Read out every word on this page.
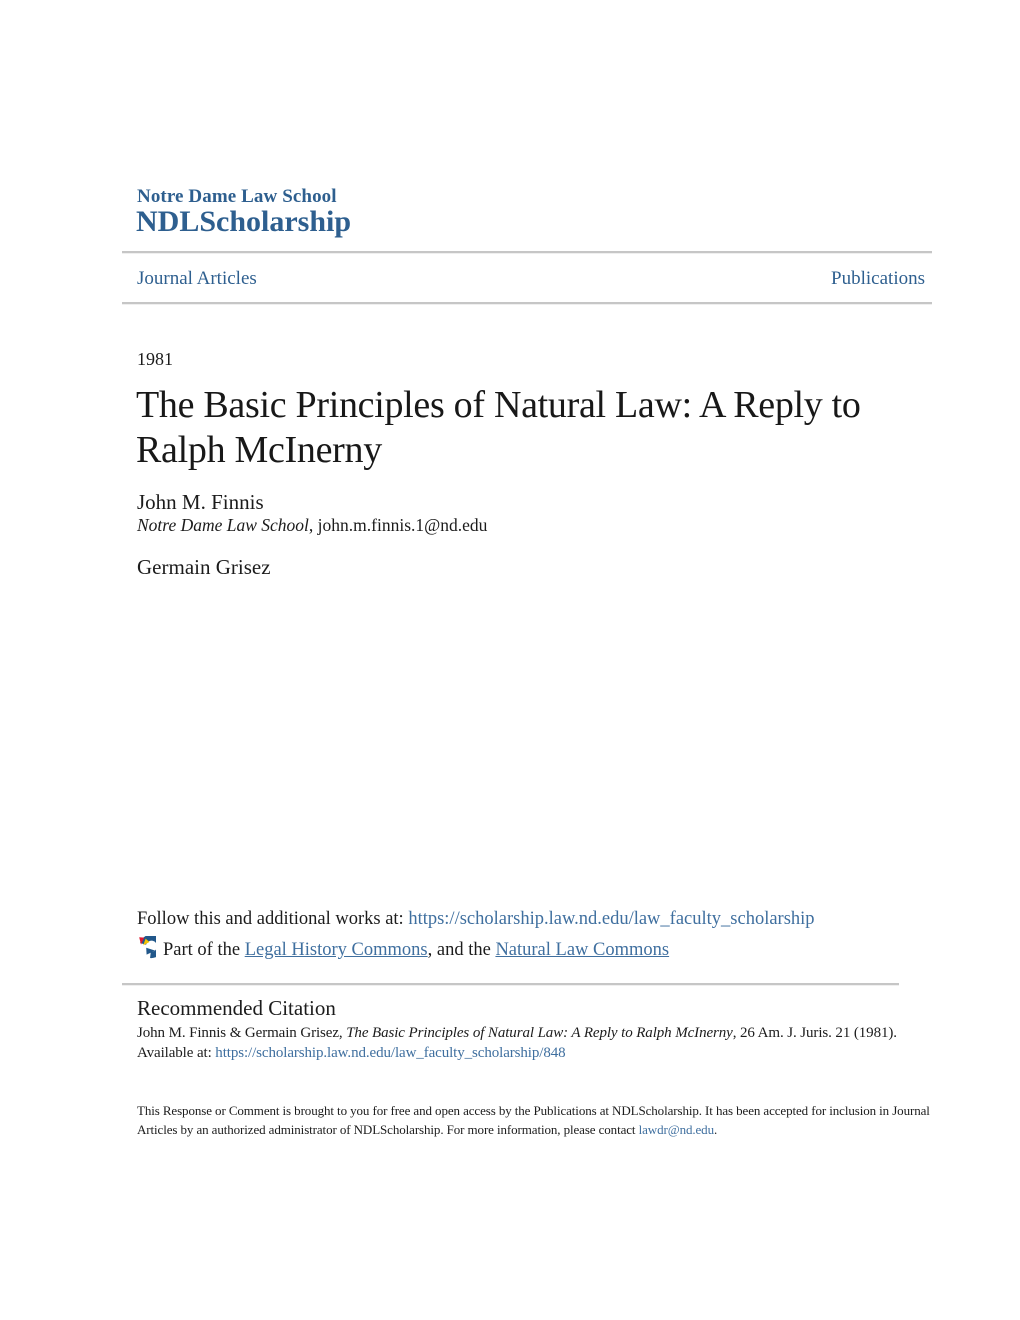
Notre Dame Law School
NDLScholarship
Journal Articles	Publications
1981
The Basic Principles of Natural Law: A Reply to
Ralph McInerny
John M. Finnis
Notre Dame Law School, john.m.finnis.1@nd.edu
Germain Grisez
Follow this and additional works at: https://scholarship.law.nd.edu/law_faculty_scholarship
Part of the Legal History Commons, and the Natural Law Commons
Recommended Citation
John M. Finnis & Germain Grisez, The Basic Principles of Natural Law: A Reply to Ralph McInerny, 26 Am. J. Juris. 21 (1981).
Available at: https://scholarship.law.nd.edu/law_faculty_scholarship/848
This Response or Comment is brought to you for free and open access by the Publications at NDLScholarship. It has been accepted for inclusion in Journal Articles by an authorized administrator of NDLScholarship. For more information, please contact lawdr@nd.edu.
